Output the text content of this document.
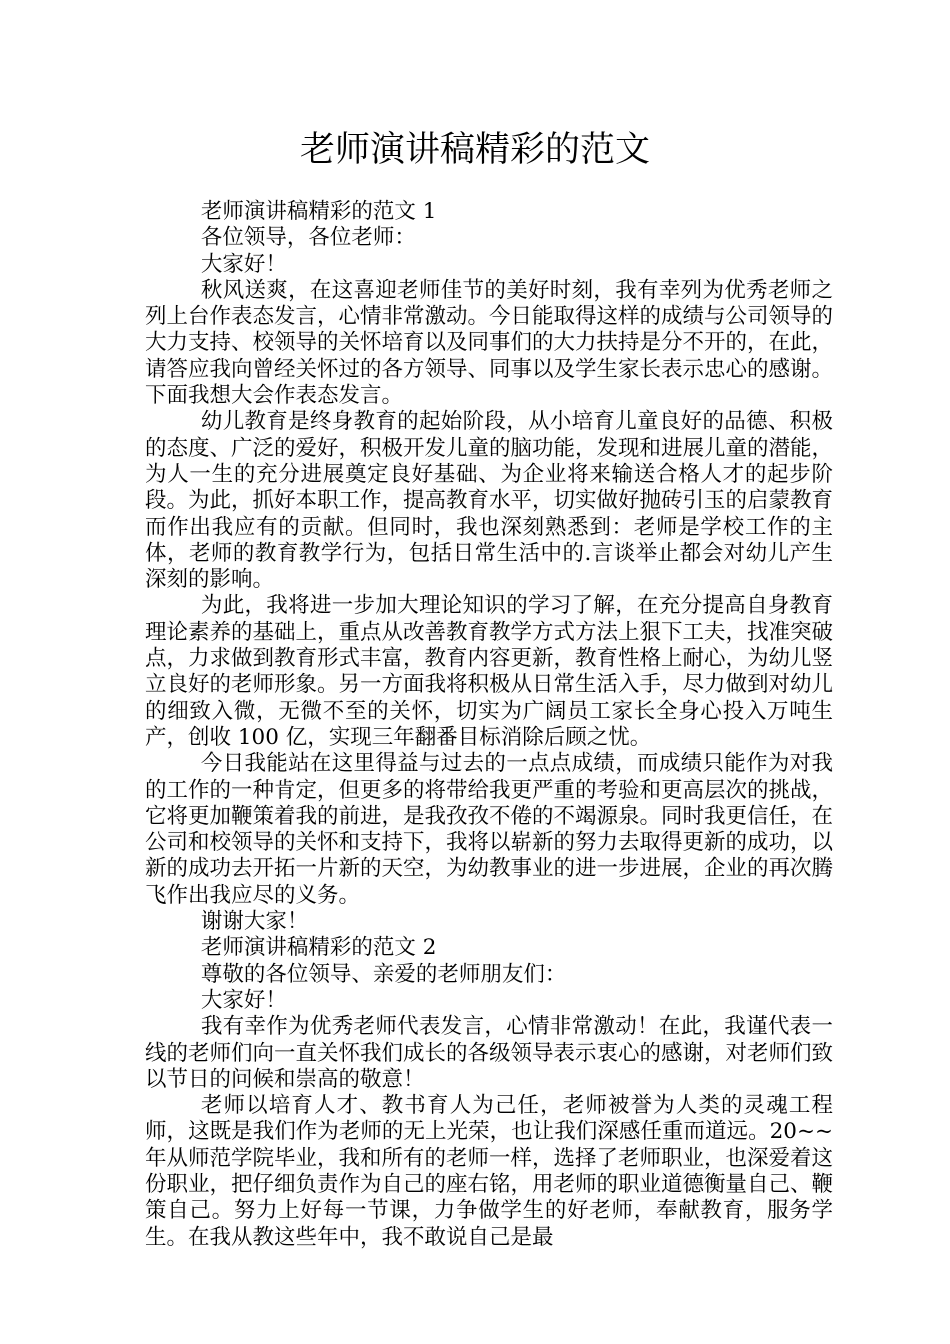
老师演讲稿精彩的范文

老师演讲稿精彩的范文 1

各位领导，各位老师：

大家好！

秋风送爽，在这喜迎老师佳节的美好时刻，我有幸列为优秀老师之列上台作表态发言，心情非常激动。今日能取得这样的成绩与公司领导的大力支持、校领导的关怀培育以及同事们的大力扶持是分不开的，在此，请答应我向曾经关怀过的各方领导、同事以及学生家长表示忠心的感谢。下面我想大会作表态发言。

幼儿教育是终身教育的起始阶段，从小培育儿童良好的品德、积极的态度、广泛的爱好，积极开发儿童的脑功能，发现和进展儿童的潜能，为人一生的充分进展奠定良好基础、为企业将来输送合格人才的起步阶段。为此，抓好本职工作，提高教育水平，切实做好抛砖引玉的启蒙教育而作出我应有的贡献。但同时，我也深刻熟悉到：老师是学校工作的主体，老师的教育教学行为，包括日常生活中的.言谈举止都会对幼儿产生深刻的影响。

为此，我将进一步加大理论知识的学习了解，在充分提高自身教育理论素养的基础上，重点从改善教育教学方式方法上狠下工夫，找准突破点，力求做到教育形式丰富，教育内容更新，教育性格上耐心，为幼儿竖立良好的老师形象。另一方面我将积极从日常生活入手，尽力做到对幼儿的细致入微，无微不至的关怀，切实为广阔员工家长全身心投入万吨生产，创收 100 亿，实现三年翻番目标消除后顾之忧。

今日我能站在这里得益与过去的一点点成绩，而成绩只能作为对我的工作的一种肯定，但更多的将带给我更严重的考验和更高层次的挑战，它将更加鞭策着我的前进，是我孜孜不倦的不竭源泉。同时我更信任，在公司和校领导的关怀和支持下，我将以崭新的努力去取得更新的成功，以新的成功去开拓一片新的天空，为幼教事业的进一步进展，企业的再次腾飞作出我应尽的义务。

谢谢大家！

老师演讲稿精彩的范文 2

尊敬的各位领导、亲爱的老师朋友们：

大家好！

我有幸作为优秀老师代表发言，心情非常激动！在此，我谨代表一线的老师们向一直关怀我们成长的各级领导表示衷心的感谢，对老师们致以节日的问候和崇高的敬意！

老师以培育人才、教书育人为己任，老师被誉为人类的灵魂工程师，这既是我们作为老师的无上光荣，也让我们深感任重而道远。20~~年从师范学院毕业，我和所有的老师一样，选择了老师职业，也深爱着这份职业，把仔细负责作为自己的座右铭，用老师的职业道德衡量自己、鞭策自己。努力上好每一节课，力争做学生的好老师，奉献教育，服务学生。在我从教这些年中，我不敢说自己是最
